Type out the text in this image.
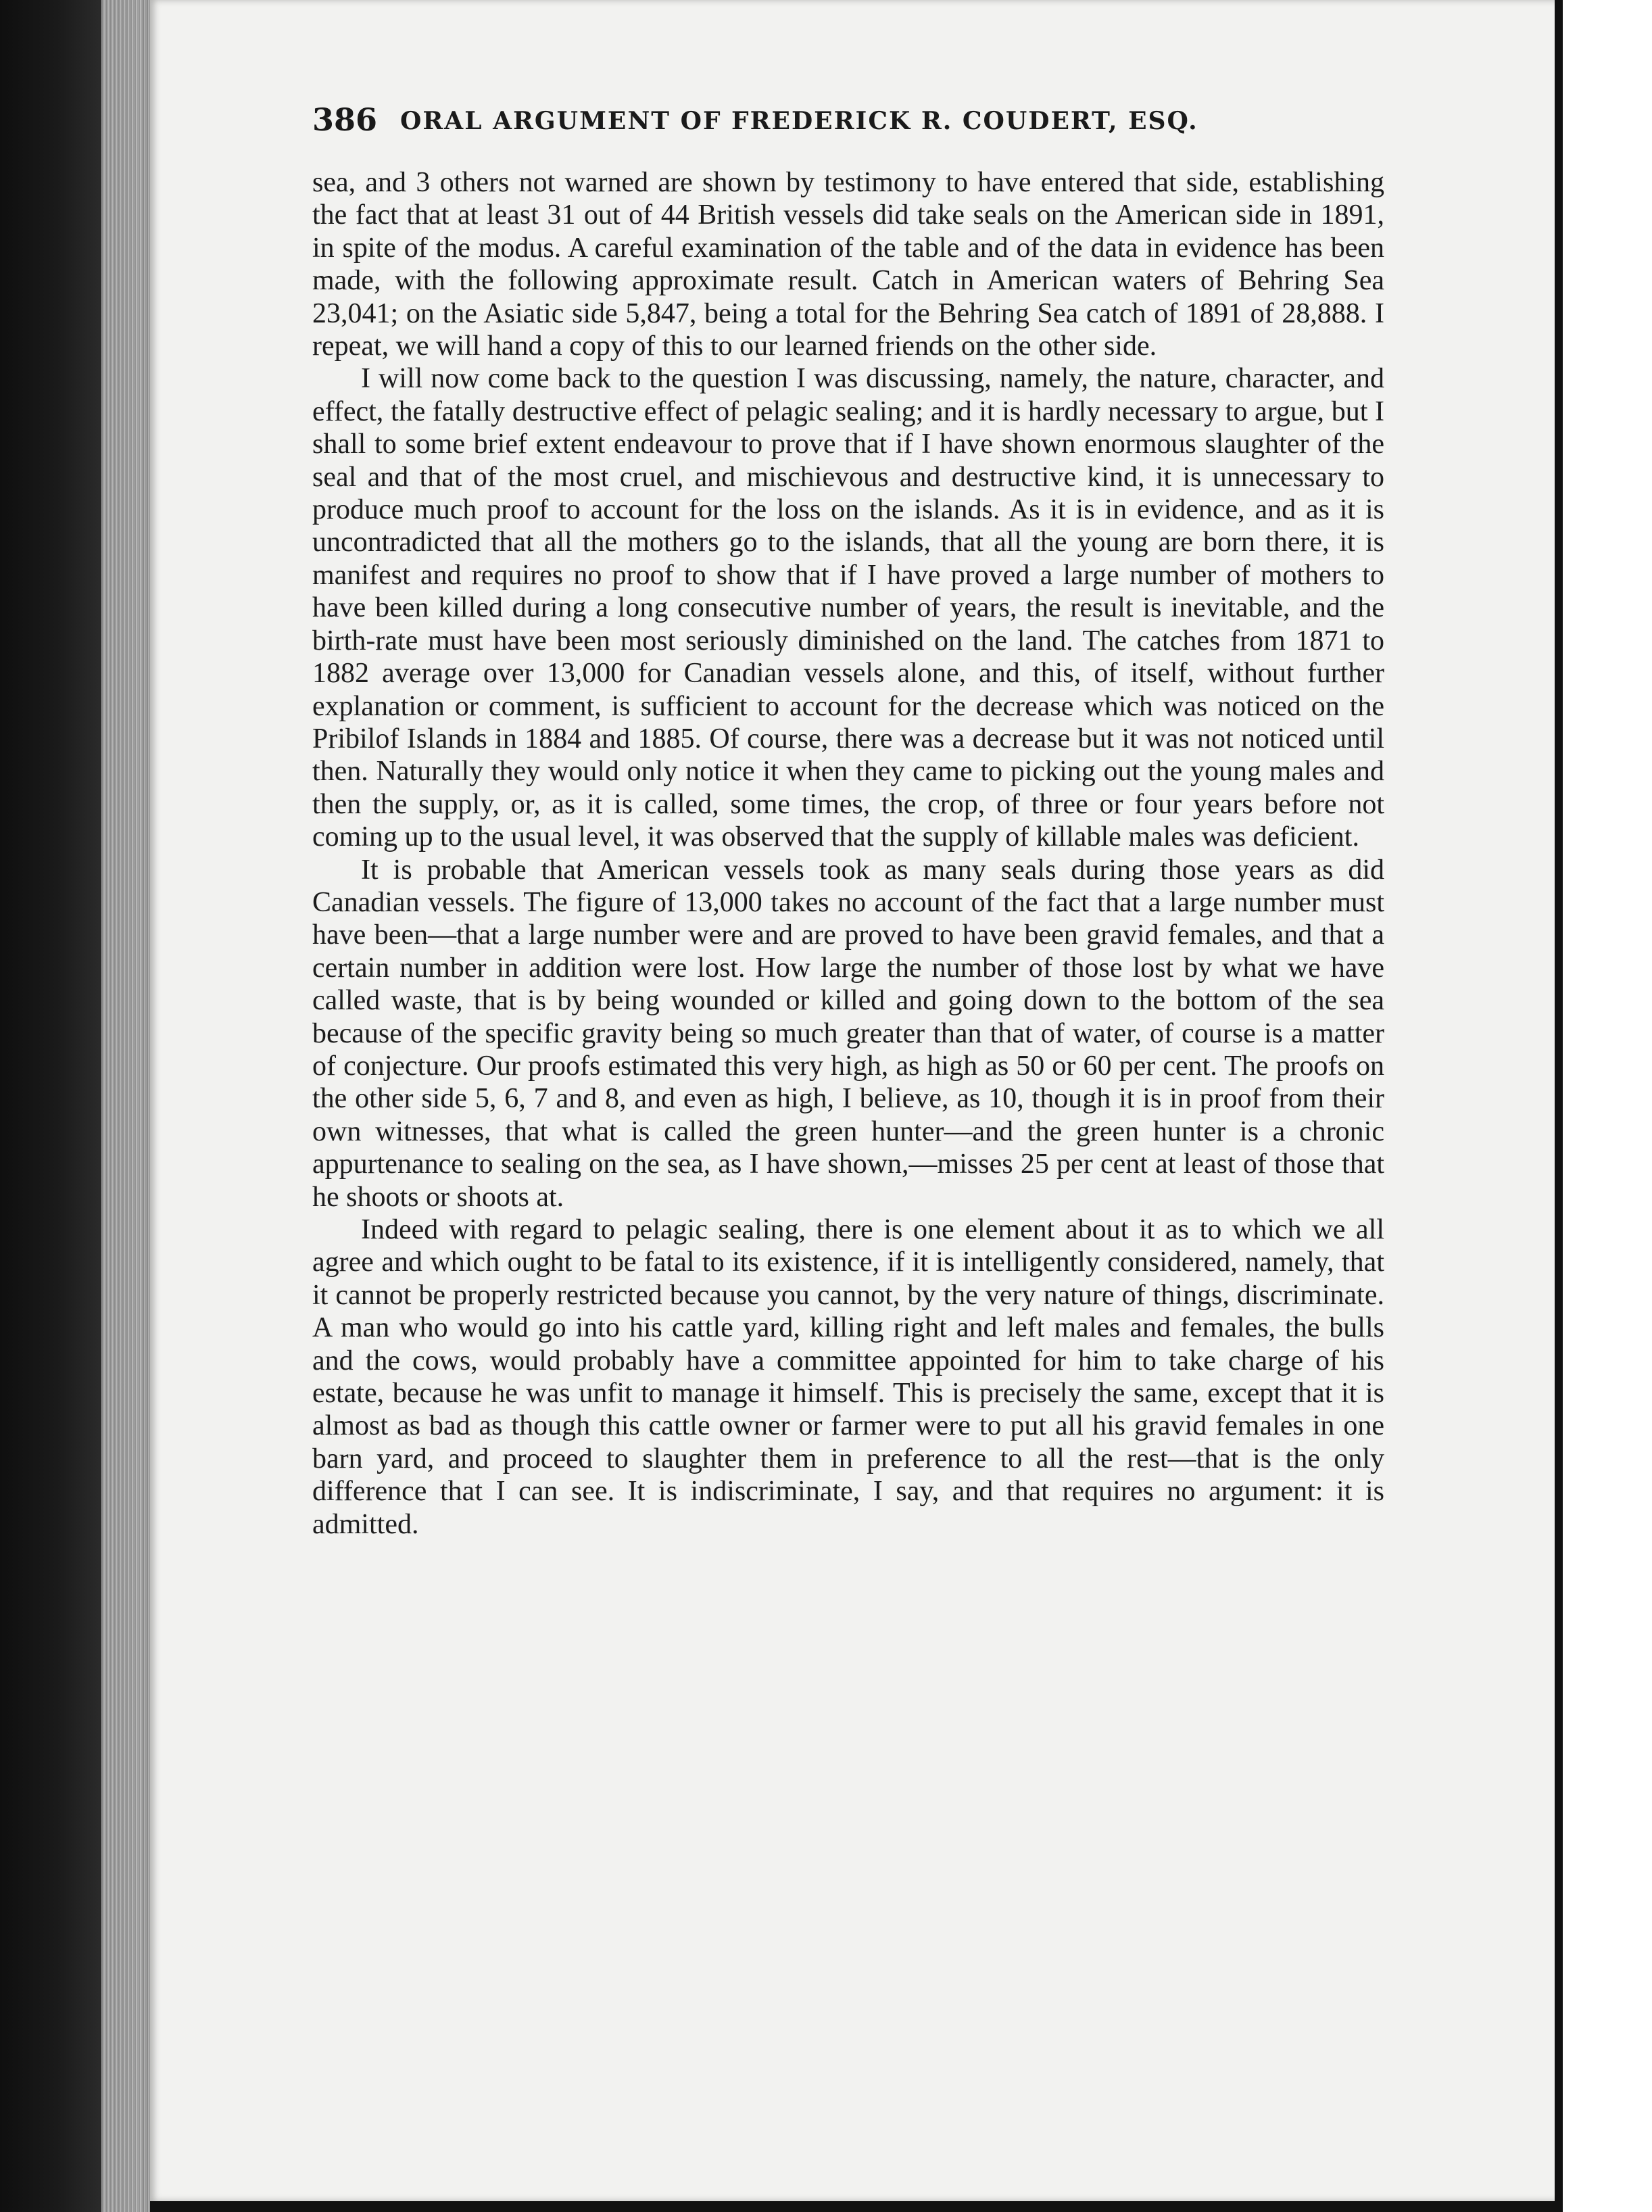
386 ORAL ARGUMENT OF FREDERICK R. COUDERT, ESQ.

sea, and 3 others not warned are shown by testimony to have entered that side, establishing the fact that at least 31 out of 44 British vessels did take seals on the American side in 1891, in spite of the modus. A careful examination of the table and of the data in evidence has been made, with the following approximate result. Catch in American waters of Behring Sea 23,041; on the Asiatic side 5,847, being a total for the Behring Sea catch of 1891 of 28,888. I repeat, we will hand a copy of this to our learned friends on the other side.

I will now come back to the question I was discussing, namely, the nature, character, and effect, the fatally destructive effect of pelagic sealing; and it is hardly necessary to argue, but I shall to some brief extent endeavour to prove that if I have shown enormous slaughter of the seal and that of the most cruel, and mischievous and destructive kind, it is unnecessary to produce much proof to account for the loss on the islands. As it is in evidence, and as it is uncontradicted that all the mothers go to the islands, that all the young are born there, it is manifest and requires no proof to show that if I have proved a large number of mothers to have been killed during a long consecutive number of years, the result is inevitable, and the birth-rate must have been most seriously diminished on the land. The catches from 1871 to 1882 average over 13,000 for Canadian vessels alone, and this, of itself, without further explanation or comment, is sufficient to account for the decrease which was noticed on the Pribilof Islands in 1884 and 1885. Of course, there was a decrease but it was not noticed until then. Naturally they would only notice it when they came to picking out the young males and then the supply, or, as it is called, some times, the crop, of three or four years before not coming up to the usual level, it was observed that the supply of killable males was deficient.

It is probable that American vessels took as many seals during those years as did Canadian vessels. The figure of 13,000 takes no account of the fact that a large number must have been—that a large number were and are proved to have been gravid females, and that a certain number in addition were lost. How large the number of those lost by what we have called waste, that is by being wounded or killed and going down to the bottom of the sea because of the specific gravity being so much greater than that of water, of course is a matter of conjecture. Our proofs estimated this very high, as high as 50 or 60 per cent. The proofs on the other side 5, 6, 7 and 8, and even as high, I believe, as 10, though it is in proof from their own witnesses, that what is called the green hunter—and the green hunter is a chronic appurtenance to sealing on the sea, as I have shown,—misses 25 per cent at least of those that he shoots or shoots at.

Indeed with regard to pelagic sealing, there is one element about it as to which we all agree and which ought to be fatal to its existence, if it is intelligently considered, namely, that it cannot be properly restricted because you cannot, by the very nature of things, discriminate. A man who would go into his cattle yard, killing right and left males and females, the bulls and the cows, would probably have a committee appointed for him to take charge of his estate, because he was unfit to manage it himself. This is precisely the same, except that it is almost as bad as though this cattle owner or farmer were to put all his gravid females in one barn yard, and proceed to slaughter them in preference to all the rest—that is the only difference that I can see. It is indiscriminate, I say, and that requires no argument: it is admitted.
